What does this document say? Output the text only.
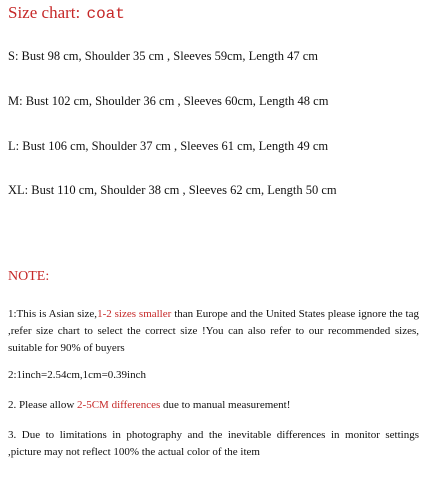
Size chart: coat
S: Bust 98 cm, Shoulder 35 cm , Sleeves 59cm, Length 47 cm
M: Bust 102 cm, Shoulder 36 cm , Sleeves 60cm, Length 48 cm
L: Bust 106 cm, Shoulder 37 cm , Sleeves 61 cm, Length 49 cm
XL: Bust 110 cm, Shoulder 38 cm , Sleeves 62 cm, Length 50 cm
NOTE:
1:This is Asian size,1-2 sizes smaller than Europe and the United States please ignore the tag ,refer size chart to select the correct size !You can also refer to our recommended sizes, suitable for 90% of buyers
2:1inch=2.54cm,1cm=0.39inch
2. Please allow 2-5CM differences due to manual measurement!
3. Due to limitations in photography and the inevitable differences in monitor settings ,picture may not reflect 100% the actual color of the item
